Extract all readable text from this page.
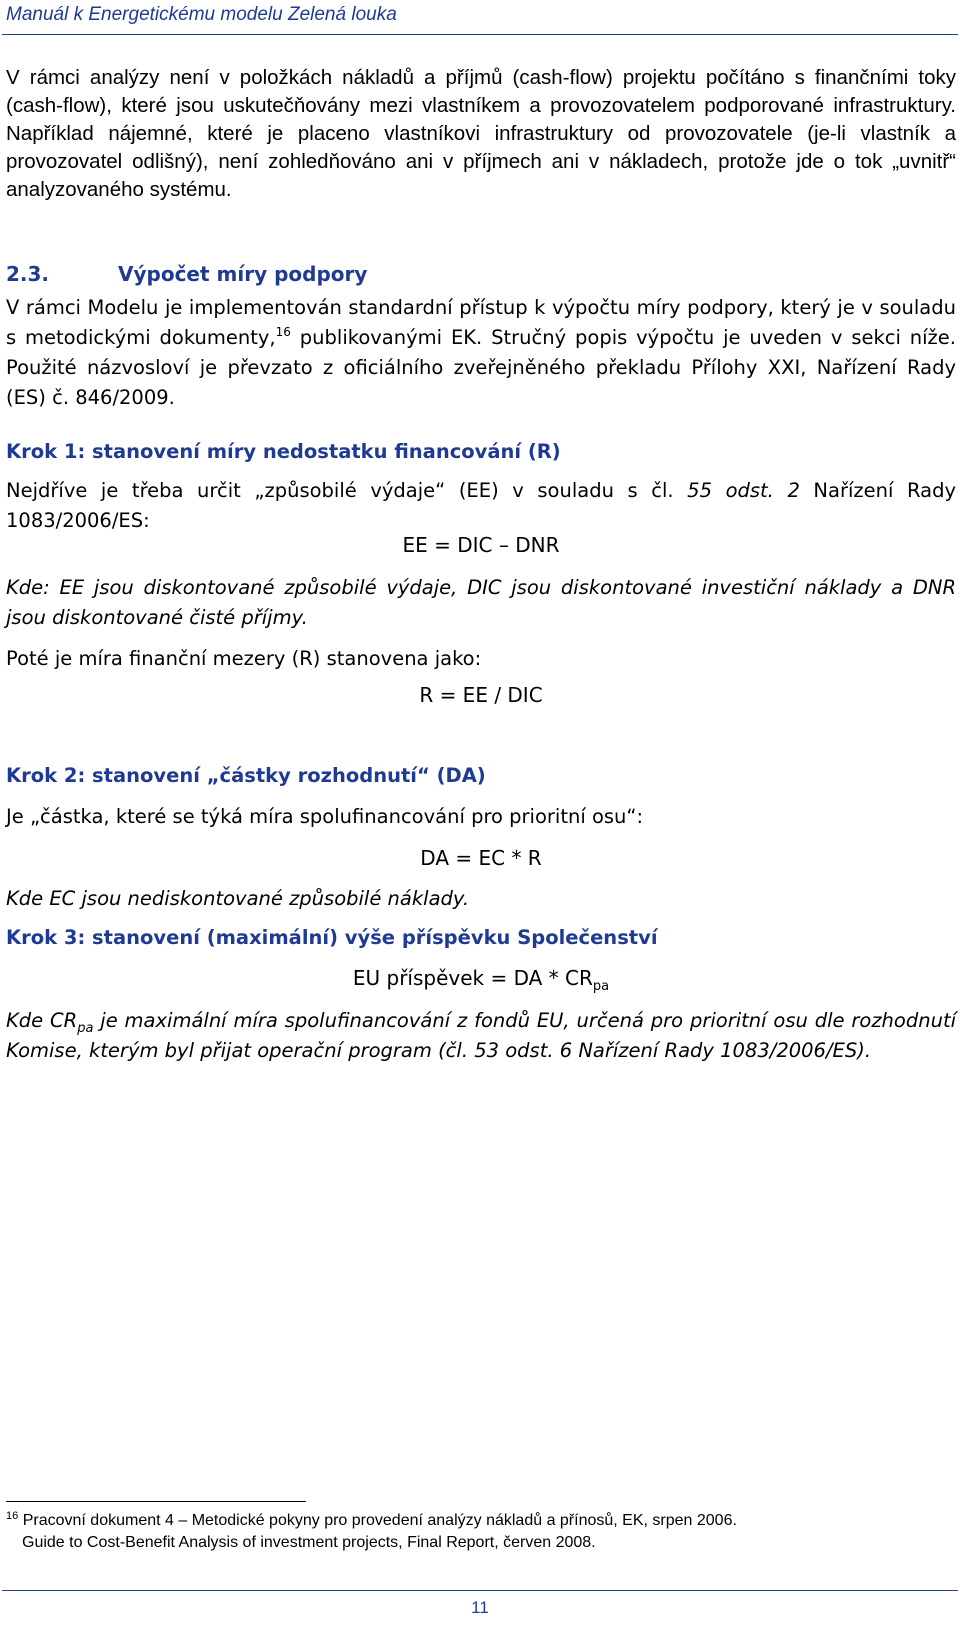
Manuál k Energetickému modelu Zelená louka

V rámci analýzy není v položkách nákladů a příjmů (cash-flow) projektu počítáno s finančními toky (cash-flow), které jsou uskutečňovány mezi vlastníkem a provozovatelem podporované infrastruktury. Například nájemné, které je placeno vlastníkovi infrastruktury od provozovatele (je-li vlastník a provozovatel odlišný), není zohledňováno ani v příjmech ani v nákladech, protože jde o tok „uvnitř“ analyzovaného systému.

2.3.	Výpočet míry podpory

V rámci Modelu je implementován standardní přístup k výpočtu míry podpory, který je v souladu s metodickými dokumenty,$^{16}$ publikovanými EK. Stručný popis výpočtu je uveden v sekci níže. Použité názvosloví je převzato z oficiálního zveřejněného překladu Přílohy XXI, Nařízení Rady (ES) č. 846/2009.

Krok 1: stanovení míry nedostatku financování (R)

Nejdříve je třeba určit „způsobilé výdaje“ (EE) v souladu s čl. 55 odst. 2 Nařízení Rady 1083/2006/ES:

EE = DIC – DNR

Kde: EE jsou diskontované způsobilé výdaje, DIC jsou diskontované investiční náklady a DNR jsou diskontované čisté příjmy.

Poté je míra finanční mezery (R) stanovena jako:

R = EE / DIC
Krok 2: stanovení „částky rozhodnutí“ (DA)

Je „částka, které se týká míra spolufinancování pro prioritní osu“:

DA = EC * R

Kde EC jsou nediskontované způsobilé náklady.

Krok 3: stanovení (maximální) výše příspěvku Společenství
EU příspěvek = DA * $CR_{pa}$

Kde $CR_{pa}$ je maximální míra spolufinancování z fondů EU, určená pro prioritní osu dle rozhodnutí Komise, kterým byl přijat operační program (čl. 53 odst. 6 Nařízení Rady 1083/2006/ES).

$^{16}$ Pracovní dokument 4 – Metodické pokyny pro provedení analýzy nákladů a přínosů, EK, srpen 2006.
Guide to Cost-Benefit Analysis of investment projects, Final Report, červen 2008.
11
